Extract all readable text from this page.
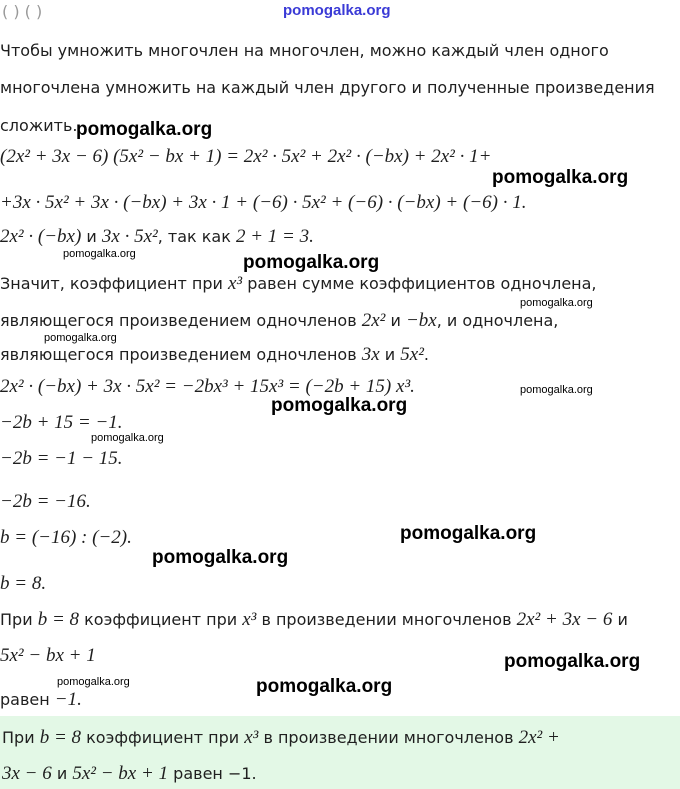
( ) ( )	pomogalka.org
Чтобы умножить многочлен на многочлен, можно каждый член одного
многочлена умножить на каждый член другого и полученные произведения
сложить.
(2x² + 3x − 6) (5x² − bx + 1) = 2x² · 5x² + 2x² · (−bx) + 2x² · 1+
+3x · 5x² + 3x · (−bx) + 3x · 1 + (−6) · 5x² + (−6) · (−bx) + (−6) · 1.
2x² · (−bx) и 3x · 5x², так как 2 + 1 = 3.
Значит, коэффициент при x³ равен сумме коэффициентов одночлена,
являющегося произведением одночленов 2x² и −bx, и одночлена,
являющегося произведением одночленов 3x и 5x².
2x² · (−bx) + 3x · 5x² = −2bx³ + 15x³ = (−2b + 15) x³.
−2b + 15 = −1.
−2b = −1 − 15.
−2b = −16.
b = (−16) : (−2).
b = 8.
При b = 8 коэффициент при x³ в произведении многочленов 2x² + 3x − 6 и
5x² − bx + 1
равен −1.
При b = 8 коэффициент при x³ в произведении многочленов 2x² +
3x − 6 и 5x² − bx + 1 равен −1.
pomogalka.org
pomogalka.org
pomogalka.org	pomogalka.org
pomogalka.org
pomogalka.org
pomogalka.org
pomogalka.org
pomogalka.org
pomogalka.org
pomogalka.org
pomogalka.org
pomogalka.org	pomogalka.org
